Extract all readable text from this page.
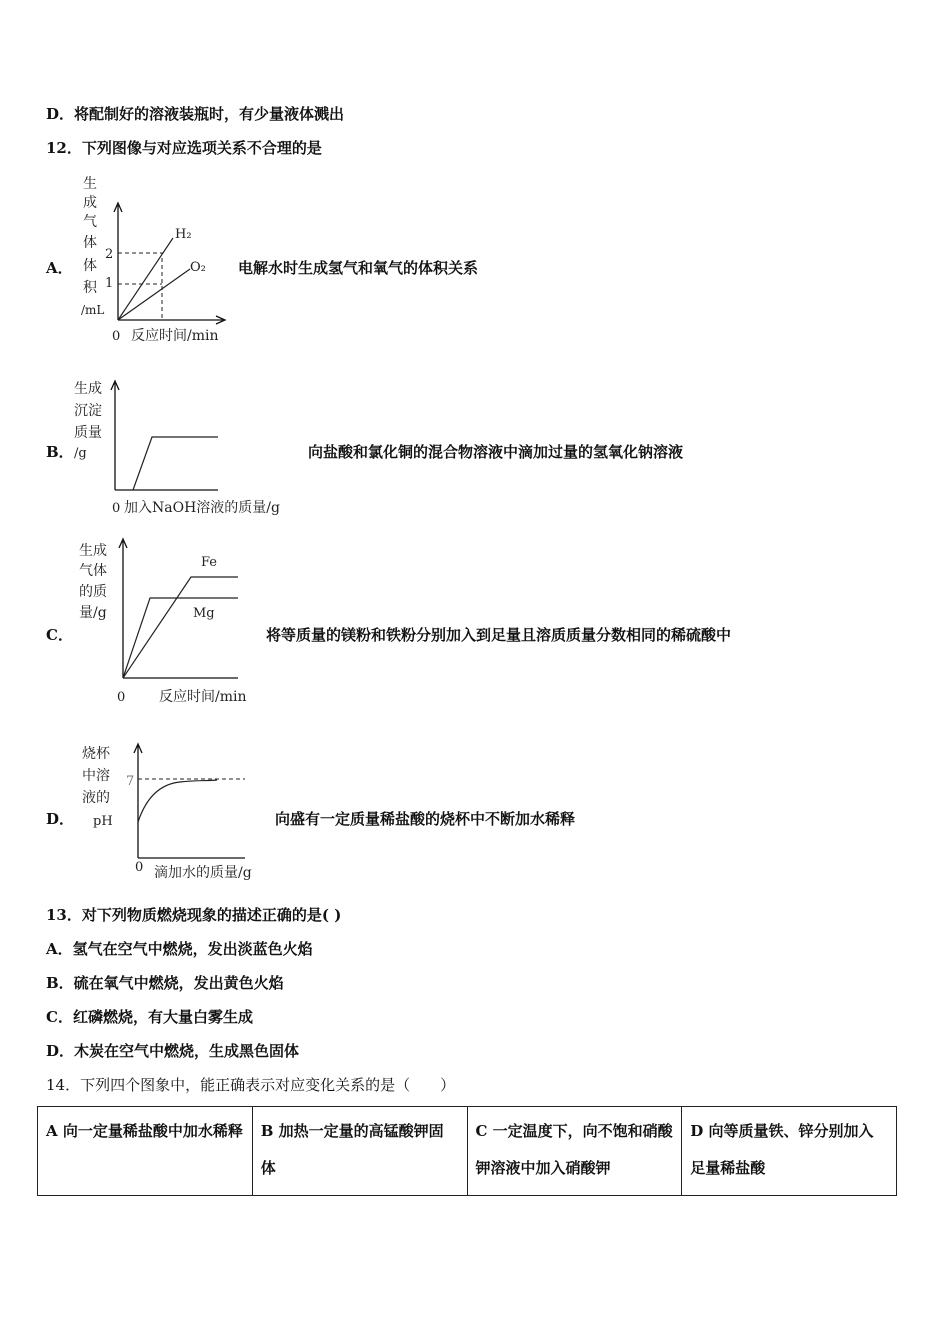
D．将配制好的溶液装瓶时，有少量液体溅出
12．下列图像与对应选项关系不合理的是
A．
生
成
气
体
体
积
/mL
2
1
H₂
O₂
0 反应时间/min
电解水时生成氢气和氧气的体积关系
B．
生成
沉淀
质量
/g
0 加入NaOH溶液的质量/g
向盐酸和氯化铜的混合物溶液中滴加过量的氢氧化钠溶液
C．
生成
气体
的质
量/g
Fe
Mg
0 反应时间/min
将等质量的镁粉和铁粉分别加入到足量且溶质质量分数相同的稀硫酸中
D．
烧杯
中溶
液的
pH
7
0 滴加水的质量/g
向盛有一定质量稀盐酸的烧杯中不断加水稀释
13．对下列物质燃烧现象的描述正确的是( )
A．氢气在空气中燃烧，发出淡蓝色火焰
B．硫在氧气中燃烧，发出黄色火焰
C．红磷燃烧，有大量白雾生成
D．木炭在空气中燃烧，生成黑色固体
14．下列四个图象中，能正确表示对应变化关系的是（　　）
A 向一定量稀盐酸中加水稀释	B 加热一定量的高锰酸钾固体	C 一定温度下，向不饱和硝酸钾溶液中加入硝酸钾	D 向等质量铁、锌分别加入足量稀盐酸
